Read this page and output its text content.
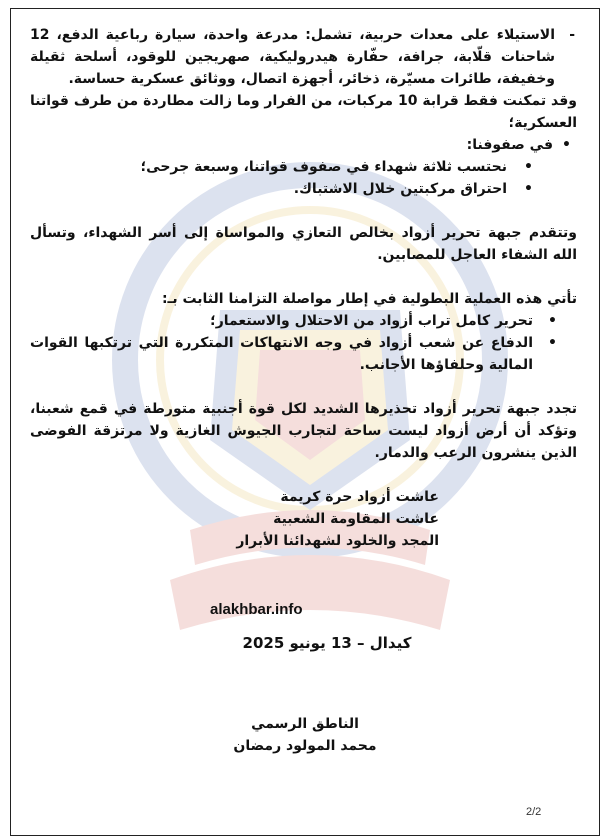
-
الاستيلاء على معدات حربية، تشمل: مدرعة واحدة، سيارة رباعية الدفع، 12 شاحنات قلّابة، جرافة، حفّارة هيدروليكية، صهريجين للوقود، أسلحة ثقيلة وخفيفة، طائرات مسيّرة، ذخائر، أجهزة اتصال، ووثائق عسكرية حساسة.
وقد تمكنت فقط قرابة 10 مركبات، من الفرار وما زالت مطاردة من طرف قواتنا العسكرية؛
•
في صفوفنا:
•
نحتسب ثلاثة شهداء في صفوف قواتنا، وسبعة جرحى؛
•
احتراق مركبتين خلال الاشتباك.
وتتقدم جبهة تحرير أزواد بخالص التعازي والمواساة إلى أسر الشهداء، وتسأل الله الشفاء العاجل للمصابين.
تأتي هذه العملية البطولية في إطار مواصلة التزامنا الثابت بـ:
•
تحرير كامل تراب أزواد من الاحتلال والاستعمار؛
•
الدفاع عن شعب أزواد في وجه الانتهاكات المتكررة التي ترتكبها القوات المالية وحلفاؤها الأجانب.
تجدد جبهة تحرير أزواد تحذيرها الشديد لكل قوة أجنبية متورطة في قمع شعبنا، وتؤكد أن أرض أزواد ليست ساحة لتجارب الجيوش الغازية ولا مرتزقة الفوضى الذين ينشرون الرعب والدمار.
عاشت أزواد حرة كريمة
عاشت المقاومة الشعبية
المجد والخلود لشهدائنا الأبرار
alakhbar.info
كيدال – 13 يونيو 2025
الناطق الرسمي
محمد المولود رمضان
2/2
